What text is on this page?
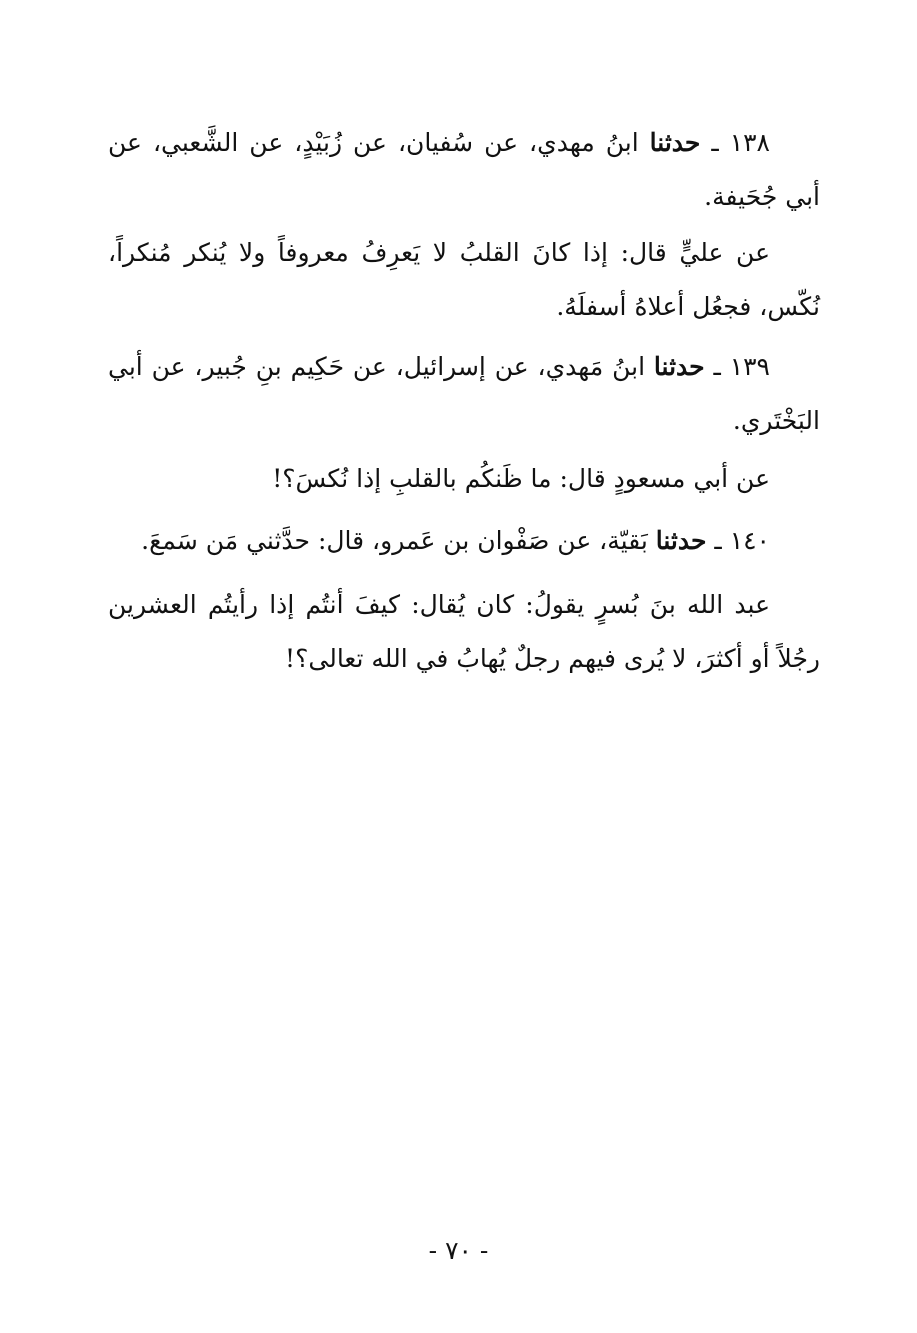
١٣٨ ـ حدثنا ابنُ مهدي، عن سُفيان، عن زُبَيْدٍ، عن الشَّعبي، عن أبي جُحَيفة.

عن عليٍّ قال: إذا كانَ القلبُ لا يَعرِفُ معروفاً ولا يُنكر مُنكراً، نُكّس، فجعُل أعلاهُ أسفلَهُ.

١٣٩ ـ حدثنا ابنُ مَهدي، عن إسرائيل، عن حَكِيم بنِ جُبير، عن أبي البَخْتَري.

عن أبي مسعودٍ قال: ما ظَنكُم بالقلبِ إذا نُكسَ؟!

١٤٠ ـ حدثنا بَقيّة، عن صَفْوان بن عَمرو، قال: حدَّثني مَن سَمعَ.

عبد الله بنَ بُسرٍ يقولُ: كان يُقال: كيفَ أنتُم إذا رأيتُم العشرين رجُلاً أو أكثرَ، لا يُرى فيهم رجلٌ يُهابُ في الله تعالى؟!

- ٧٠ -
